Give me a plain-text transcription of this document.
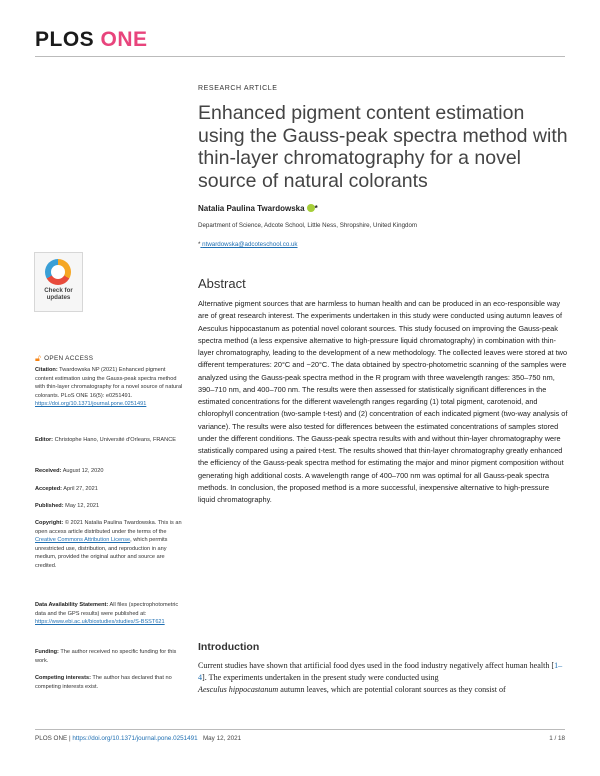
PLOS ONE
RESEARCH ARTICLE
Enhanced pigment content estimation using the Gauss-peak spectra method with thin-layer chromatography for a novel source of natural colorants
Natalia Paulina Twardowska *
Department of Science, Adcote School, Little Ness, Shropshire, United Kingdom
* ntwardowska@adcoteschool.co.uk
Check for
updates
🔓︎ OPEN ACCESS
Citation: Twardowska NP (2021) Enhanced pigment content estimation using the Gauss-peak spectra method with thin-layer chromatography for a novel source of natural colorants. PLoS ONE 16(5): e0251491. https://doi.org/10.1371/journal.pone.0251491
Editor: Christophe Hano, Université d'Orleans, FRANCE
Received: August 12, 2020
Accepted: April 27, 2021
Published: May 12, 2021
Copyright: © 2021 Natalia Paulina Twardowska. This is an open access article distributed under the terms of the Creative Commons Attribution License, which permits unrestricted use, distribution, and reproduction in any medium, provided the original author and source are credited.
Data Availability Statement: All files (spectrophotometric data and the GPS results) were published at: https://www.ebi.ac.uk/biostudies/studies/S-BSST621
Funding: The author received no specific funding for this work.
Competing interests: The author has declared that no competing interests exist.
Abstract
Alternative pigment sources that are harmless to human health and can be produced in an eco-responsible way are of great research interest. The experiments undertaken in this study were conducted using autumn leaves of Aesculus hippocastanum as potential novel colorant sources. This study focused on improving the Gauss-peak spectra method (a less expensive alternative to high-pressure liquid chromatography) in combination with thin-layer chromatography, leading to the development of a new methodology. The collected leaves were stored at two different temperatures: 20°C and −20°C. The data obtained by spectro-photometric scanning of the samples were analyzed using the Gauss-peak spectra method in the R program with three wavelength ranges: 350–750 nm, 390–710 nm, and 400–700 nm. The results were then assessed for statistically significant differences in the estimated concentrations for the different wavelength ranges regarding (1) total pigment, carotenoid, and chlorophyll concentration (two-sample t-test) and (2) concentration of each indicated pigment (two-way analysis of variance). The results were also tested for differences between the estimated concentrations of samples stored under the different conditions. The Gauss-peak spectra results with and without thin-layer chromatography were statistically compared using a paired t-test. The results showed that thin-layer chromatography greatly enhanced the efficiency of the Gauss-peak spectra method for estimating the major and minor pigment composition without generating high additional costs. A wavelength range of 400–700 nm was optimal for all Gauss-peak spectra methods. In conclusion, the proposed method is a more successful, inexpensive alternative to high-pressure liquid chromatography.
Introduction
Current studies have shown that artificial food dyes used in the food industry negatively affect human health [1–4]. The experiments undertaken in the present study were conducted using
Aesculus hippocastanum autumn leaves, which are potential colorant sources as they consist of
PLOS ONE | https://doi.org/10.1371/journal.pone.0251491 May 12, 2021	1 / 18
